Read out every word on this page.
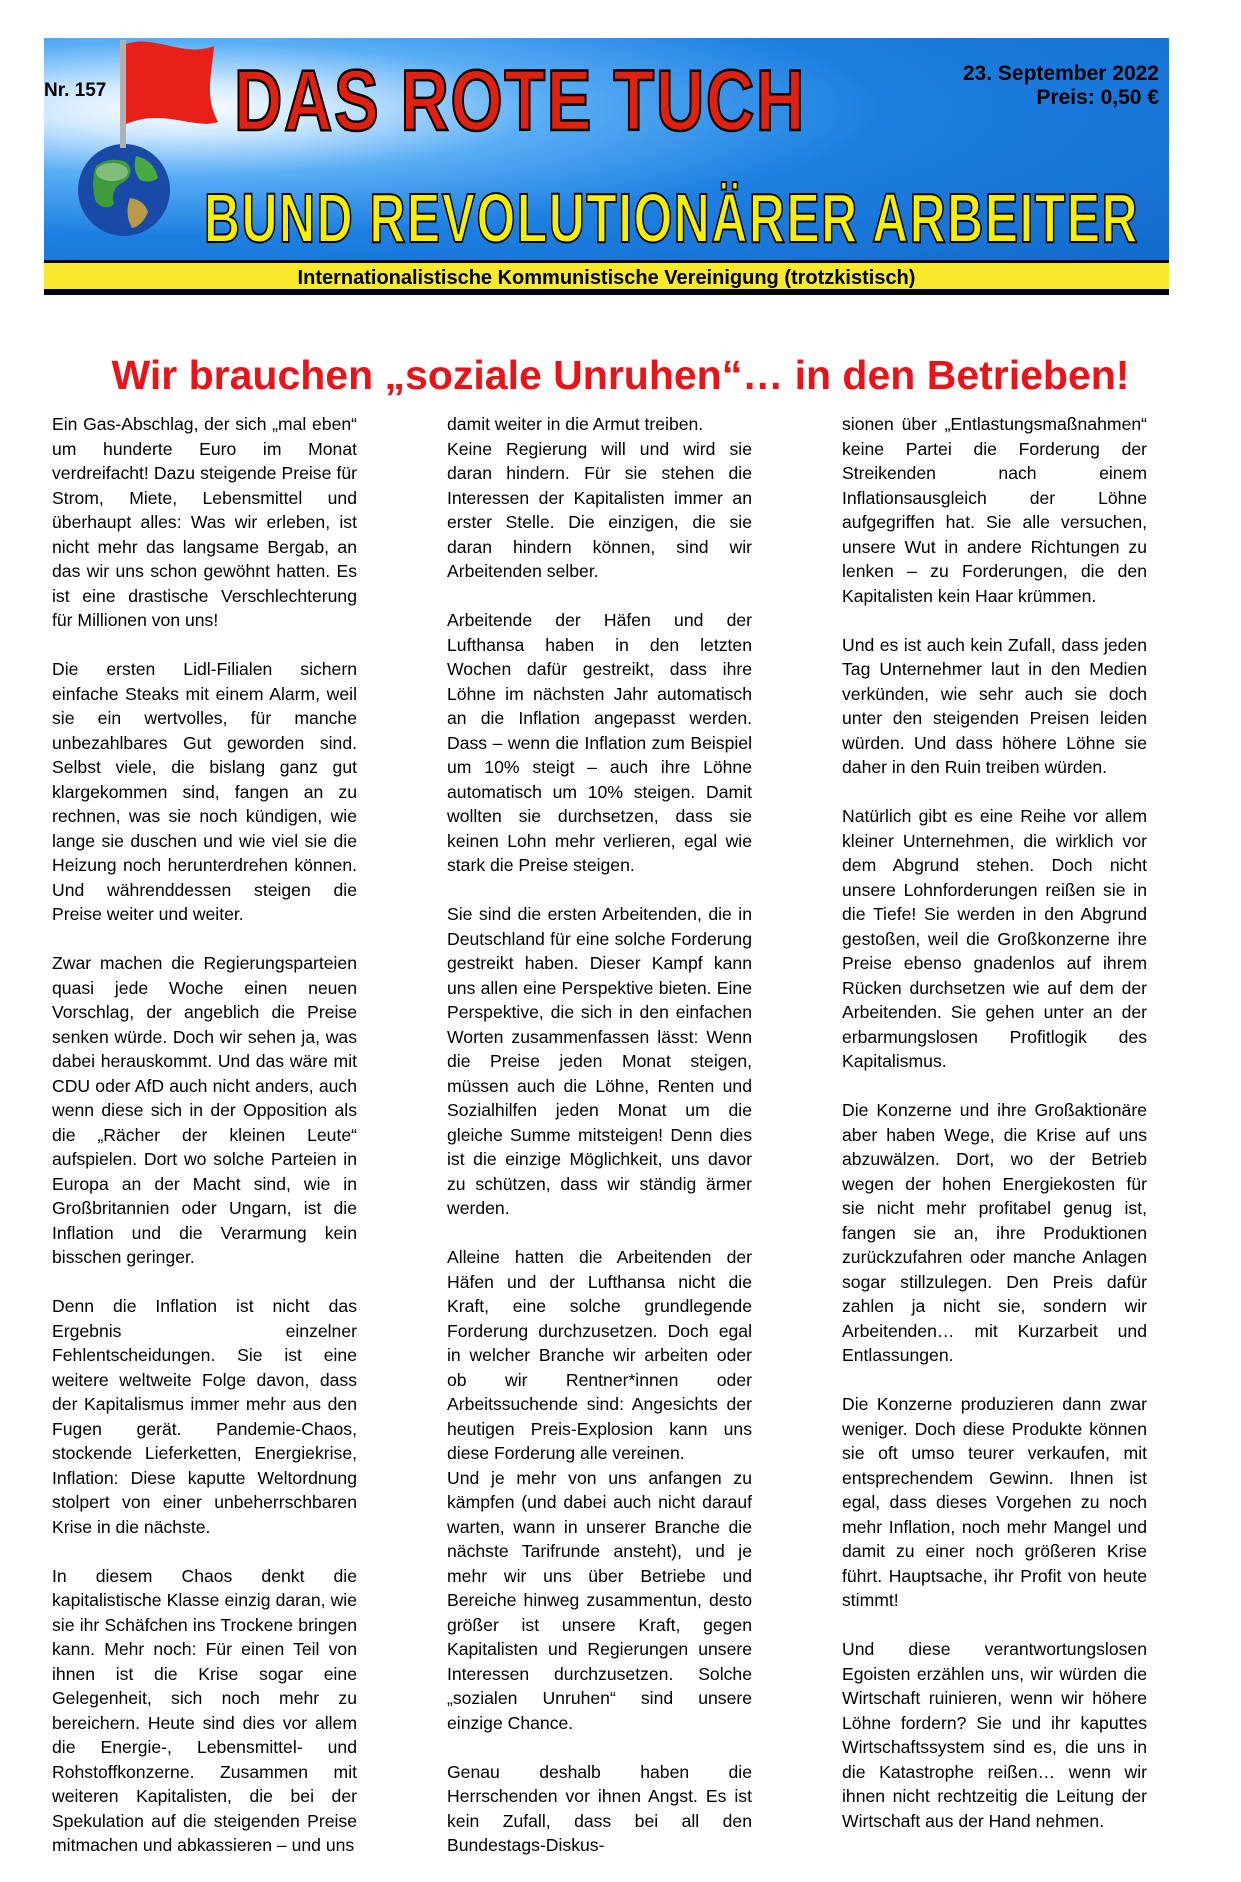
Nr. 157
23. September 2022
Preis: 0,50 €
DAS ROTE TUCH
BUND REVOLUTIONÄRER ARBEITER
Internationalistische Kommunistische Vereinigung (trotzkistisch)
Wir brauchen „soziale Unruhen“… in den Betrieben!

Ein Gas-Abschlag, der sich „mal eben“ um hunderte Euro im Monat verdreifacht! Dazu steigende Preise für Strom, Miete, Lebensmittel und überhaupt alles: Was wir erleben, ist nicht mehr das langsame Bergab, an das wir uns schon gewöhnt hatten. Es ist eine drastische Verschlechterung für Millionen von uns!

Die ersten Lidl-Filialen sichern einfache Steaks mit einem Alarm, weil sie ein wertvolles, für manche unbezahlbares Gut geworden sind. Selbst viele, die bislang ganz gut klargekommen sind, fangen an zu rechnen, was sie noch kündigen, wie lange sie duschen und wie viel sie die Heizung noch herunterdrehen können. Und währenddessen steigen die Preise weiter und weiter.

Zwar machen die Regierungsparteien quasi jede Woche einen neuen Vorschlag, der angeblich die Preise senken würde. Doch wir sehen ja, was dabei herauskommt. Und das wäre mit CDU oder AfD auch nicht anders, auch wenn diese sich in der Opposition als die „Rächer der kleinen Leute“ aufspielen. Dort wo solche Parteien in Europa an der Macht sind, wie in Großbritannien oder Ungarn, ist die Inflation und die Verarmung kein bisschen geringer.

Denn die Inflation ist nicht das Ergebnis einzelner Fehlentscheidungen. Sie ist eine weitere weltweite Folge davon, dass der Kapitalismus immer mehr aus den Fugen gerät. Pandemie-Chaos, stockende Lieferketten, Energiekrise, Inflation: Diese kaputte Weltordnung stolpert von einer unbeherrschbaren Krise in die nächste.

In diesem Chaos denkt die kapitalistische Klasse einzig daran, wie sie ihr Schäfchen ins Trockene bringen kann. Mehr noch: Für einen Teil von ihnen ist die Krise sogar eine Gelegenheit, sich noch mehr zu bereichern. Heute sind dies vor allem die Energie-, Lebensmittel- und Rohstoffkonzerne. Zusammen mit weiteren Kapitalisten, die bei der Spekulation auf die steigenden Preise mitmachen und abkassieren – und uns

damit weiter in die Armut treiben.
Keine Regierung will und wird sie daran hindern. Für sie stehen die Interessen der Kapitalisten immer an erster Stelle. Die einzigen, die sie daran hindern können, sind wir Arbeitenden selber.

Arbeitende der Häfen und der Lufthansa haben in den letzten Wochen dafür gestreikt, dass ihre Löhne im nächsten Jahr automatisch an die Inflation angepasst werden. Dass – wenn die Inflation zum Beispiel um 10% steigt – auch ihre Löhne automatisch um 10% steigen. Damit wollten sie durchsetzen, dass sie keinen Lohn mehr verlieren, egal wie stark die Preise steigen.

Sie sind die ersten Arbeitenden, die in Deutschland für eine solche Forderung gestreikt haben. Dieser Kampf kann uns allen eine Perspektive bieten. Eine Perspektive, die sich in den einfachen Worten zusammenfassen lässt: Wenn die Preise jeden Monat steigen, müssen auch die Löhne, Renten und Sozialhilfen jeden Monat um die gleiche Summe mitsteigen! Denn dies ist die einzige Möglichkeit, uns davor zu schützen, dass wir ständig ärmer werden.

Alleine hatten die Arbeitenden der Häfen und der Lufthansa nicht die Kraft, eine solche grundlegende Forderung durchzusetzen. Doch egal in welcher Branche wir arbeiten oder ob wir Rentner*innen oder Arbeitssuchende sind: Angesichts der heutigen Preis-Explosion kann uns diese Forderung alle vereinen.
Und je mehr von uns anfangen zu kämpfen (und dabei auch nicht darauf warten, wann in unserer Branche die nächste Tarifrunde ansteht), und je mehr wir uns über Betriebe und Bereiche hinweg zusammentun, desto größer ist unsere Kraft, gegen Kapitalisten und Regierungen unsere Interessen durchzusetzen. Solche „sozialen Unruhen“ sind unsere einzige Chance.

Genau deshalb haben die Herrschenden vor ihnen Angst. Es ist kein Zufall, dass bei all den Bundestags-Diskus-

sionen über „Entlastungsmaßnahmen“ keine Partei die Forderung der Streikenden nach einem Inflationsausgleich der Löhne aufgegriffen hat. Sie alle versuchen, unsere Wut in andere Richtungen zu lenken – zu Forderungen, die den Kapitalisten kein Haar krümmen.

Und es ist auch kein Zufall, dass jeden Tag Unternehmer laut in den Medien verkünden, wie sehr auch sie doch unter den steigenden Preisen leiden würden. Und dass höhere Löhne sie daher in den Ruin treiben würden.

Natürlich gibt es eine Reihe vor allem kleiner Unternehmen, die wirklich vor dem Abgrund stehen. Doch nicht unsere Lohnforderungen reißen sie in die Tiefe! Sie werden in den Abgrund gestoßen, weil die Großkonzerne ihre Preise ebenso gnadenlos auf ihrem Rücken durchsetzen wie auf dem der Arbeitenden. Sie gehen unter an der erbarmungslosen Profitlogik des Kapitalismus.

Die Konzerne und ihre Großaktionäre aber haben Wege, die Krise auf uns abzuwälzen. Dort, wo der Betrieb wegen der hohen Energiekosten für sie nicht mehr profitabel genug ist, fangen sie an, ihre Produktionen zurückzufahren oder manche Anlagen sogar stillzulegen. Den Preis dafür zahlen ja nicht sie, sondern wir Arbeitenden… mit Kurzarbeit und Entlassungen.

Die Konzerne produzieren dann zwar weniger. Doch diese Produkte können sie oft umso teurer verkaufen, mit entsprechendem Gewinn. Ihnen ist egal, dass dieses Vorgehen zu noch mehr Inflation, noch mehr Mangel und damit zu einer noch größeren Krise führt. Hauptsache, ihr Profit von heute stimmt!

Und diese verantwortungslosen Egoisten erzählen uns, wir würden die Wirtschaft ruinieren, wenn wir höhere Löhne fordern? Sie und ihr kaputtes Wirtschaftssystem sind es, die uns in die Katastrophe reißen… wenn wir ihnen nicht rechtzeitig die Leitung der Wirtschaft aus der Hand nehmen.
